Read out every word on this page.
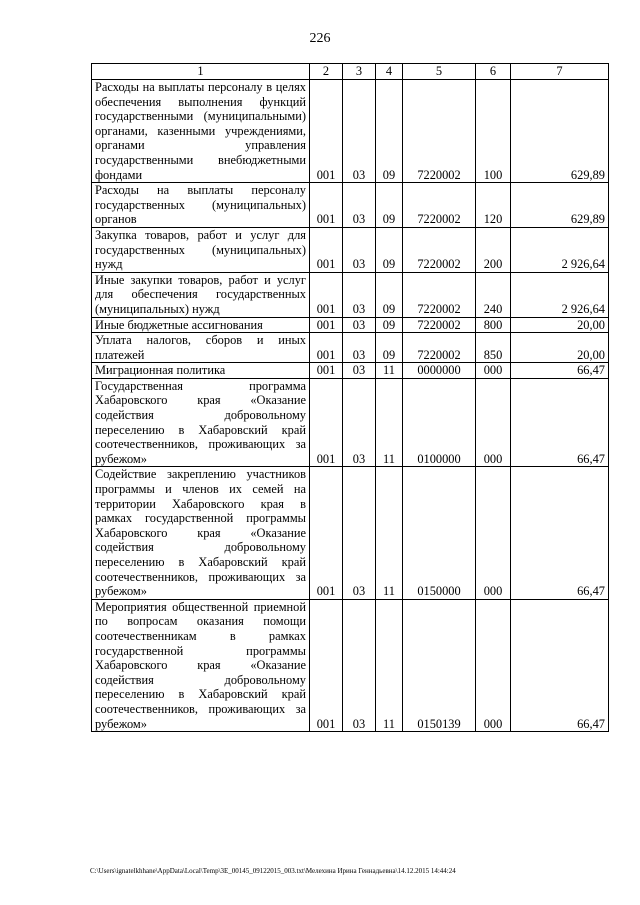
226
1	2	3	4	5	6	7
Расходы на выплаты персоналу в целях обеспечения выполнения функций государственными (муниципальными) органами, казенными учреждениями, органами управления государственными внебюджетными фондами	001	03	09	7220002	100	629,89
Расходы на выплаты персоналу государственных (муниципальных) органов	001	03	09	7220002	120	629,89
Закупка товаров, работ и услуг для государственных (муниципальных) нужд	001	03	09	7220002	200	2 926,64
Иные закупки товаров, работ и услуг для обеспечения государственных (муниципальных) нужд	001	03	09	7220002	240	2 926,64
Иные бюджетные ассигнования	001	03	09	7220002	800	20,00
Уплата налогов, сборов и иных платежей	001	03	09	7220002	850	20,00
Миграционная политика	001	03	11	0000000	000	66,47
Государственная программа Хабаровского края «Оказание содействия добровольному переселению в Хабаровский край соотечественников, проживающих за рубежом»	001	03	11	0100000	000	66,47
Содействие закреплению участников программы и членов их семей на территории Хабаровского края в рамках государственной программы Хабаровского края «Оказание содействия добровольному переселению в Хабаровский край соотечественников, проживающих за рубежом»	001	03	11	0150000	000	66,47
Мероприятия общественной приемной по вопросам оказания помощи соотечественникам в рамках государственной программы Хабаровского края «Оказание содействия добровольному переселению в Хабаровский край соотечественников, проживающих за рубежом»	001	03	11	0150139	000	66,47
C:\Users\ignatelkhhane\AppData\Local\Temp\3E_00145_09122015_003.txt\Мелехина Ирина Геннадьевна\14.12.2015 14:44:24
